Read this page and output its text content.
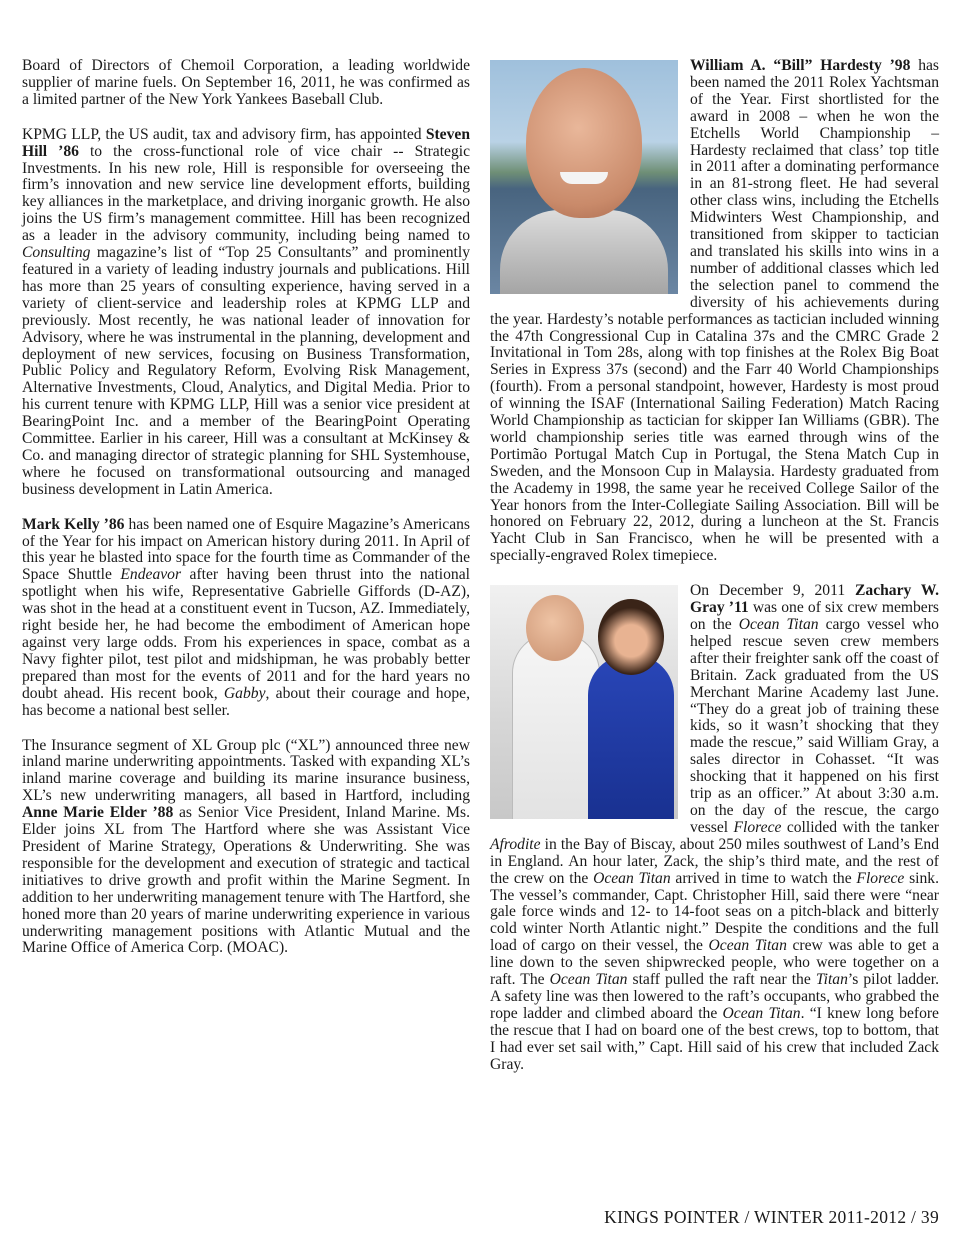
Board of Directors of Chemoil Corporation, a leading worldwide supplier of marine fuels. On September 16, 2011, he was confirmed as a limited partner of the New York Yankees Baseball Club.

KPMG LLP, the US audit, tax and advisory firm, has appointed Steven Hill ’86 to the cross-functional role of vice chair -- Strategic Investments. In his new role, Hill is responsible for overseeing the firm’s innovation and new service line development efforts, building key alliances in the marketplace, and driving inorganic growth. He also joins the US firm’s management committee. Hill has been recognized as a leader in the advisory community, including being named to Consulting magazine’s list of “Top 25 Consultants” and prominently featured in a variety of leading industry journals and publications. Hill has more than 25 years of consulting experience, having served in a variety of client-service and leadership roles at KPMG LLP and previously. Most recently, he was national leader of innovation for Advisory, where he was instrumental in the planning, development and deployment of new services, focusing on Business Transformation, Public Policy and Regulatory Reform, Evolving Risk Management, Alternative Investments, Cloud, Analytics, and Digital Media. Prior to his current tenure with KPMG LLP, Hill was a senior vice president at BearingPoint Inc. and a member of the BearingPoint Operating Committee. Earlier in his career, Hill was a consultant at McKinsey & Co. and managing director of strategic planning for SHL Systemhouse, where he focused on transformational outsourcing and managed business development in Latin America.

Mark Kelly ’86 has been named one of Esquire Magazine’s Americans of the Year for his impact on American history during 2011. In April of this year he blasted into space for the fourth time as Commander of the Space Shuttle Endeavor after having been thrust into the national spotlight when his wife, Representative Gabrielle Giffords (D-AZ), was shot in the head at a constituent event in Tucson, AZ. Immediately, right beside her, he had become the embodiment of American hope against very large odds. From his experiences in space, combat as a Navy fighter pilot, test pilot and midshipman, he was probably better prepared than most for the events of 2011 and for the hard years no doubt ahead. His recent book, Gabby, about their courage and hope, has become a national best seller.

The Insurance segment of XL Group plc (“XL”) announced three new inland marine underwriting appointments. Tasked with expanding XL’s inland marine coverage and building its marine insurance business, XL’s new underwriting managers, all based in Hartford, including Anne Marie Elder ’88 as Senior Vice President, Inland Marine. Ms. Elder joins XL from The Hartford where she was Assistant Vice President of Marine Strategy, Operations & Underwriting. She was responsible for the development and execution of strategic and tactical initiatives to drive growth and profit within the Marine Segment. In addition to her underwriting management tenure with The Hartford, she honed more than 20 years of marine underwriting experience in various underwriting management positions with Atlantic Mutual and the Marine Office of America Corp. (MOAC).

William A. “Bill” Hardesty ’98 has been named the 2011 Rolex Yachtsman of the Year. First shortlisted for the award in 2008 – when he won the Etchells World Championship – Hardesty reclaimed that class’ top title in 2011 after a dominating performance in an 81-strong fleet. He had several other class wins, including the Etchells Midwinters West Championship, and transitioned from skipper to tactician and translated his skills into wins in a number of additional classes which led the selection panel to commend the diversity of his achievements during the year. Hardesty’s notable performances as tactician included winning the 47th Congressional Cup in Catalina 37s and the CMRC Grade 2 Invitational in Tom 28s, along with top finishes at the Rolex Big Boat Series in Express 37s (second) and the Farr 40 World Championships (fourth). From a personal standpoint, however, Hardesty is most proud of winning the ISAF (International Sailing Federation) Match Racing World Championship as tactician for skipper Ian Williams (GBR). The world championship series title was earned through wins of the Portimão Portugal Match Cup in Portugal, the Stena Match Cup in Sweden, and the Monsoon Cup in Malaysia. Hardesty graduated from the Academy in 1998, the same year he received College Sailor of the Year honors from the Inter-Collegiate Sailing Association. Bill will be honored on February 22, 2012, during a luncheon at the St. Francis Yacht Club in San Francisco, when he will be presented with a specially-engraved Rolex timepiece.

On December 9, 2011 Zachary W. Gray ’11 was one of six crew members on the Ocean Titan cargo vessel who helped rescue seven crew members after their freighter sank off the coast of Britain. Zack graduated from the US Merchant Marine Academy last June. “They do a great job of training these kids, so it wasn’t shocking that they made the rescue,” said William Gray, a sales director in Cohasset. “It was shocking that it happened on his first trip as an officer.” At about 3:30 a.m. on the day of the rescue, the cargo vessel Florece collided with the tanker Afrodite in the Bay of Biscay, about 250 miles southwest of Land’s End in England. An hour later, Zack, the ship’s third mate, and the rest of the crew on the Ocean Titan arrived in time to watch the Florece sink. The vessel’s commander, Capt. Christopher Hill, said there were “near gale force winds and 12- to 14-foot seas on a pitch-black and bitterly cold winter North Atlantic night.” Despite the conditions and the full load of cargo on their vessel, the Ocean Titan crew was able to get a line down to the seven shipwrecked people, who were together on a raft. The Ocean Titan staff pulled the raft near the Titan’s pilot ladder. A safety line was then lowered to the raft’s occupants, who grabbed the rope ladder and climbed aboard the Ocean Titan. “I knew long before the rescue that I had on board one of the best crews, top to bottom, that I had ever set sail with,” Capt. Hill said of his crew that included Zack Gray.

KINGS POINTER / WINTER 2011-2012 / 39
